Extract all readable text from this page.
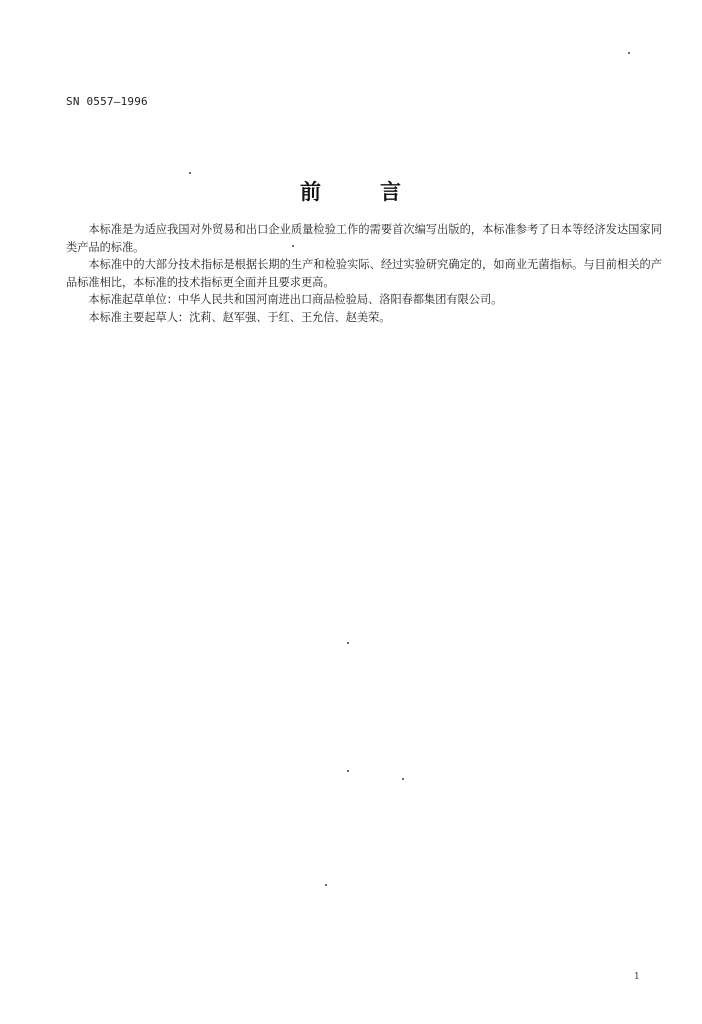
SN 0557—1996
前	言

本标准是为适应我国对外贸易和出口企业质量检验工作的需要首次编写出版的，本标准参考了日本等经济发达国家同类产品的标准。

本标准中的大部分技术指标是根据长期的生产和检验实际、经过实验研究确定的，如商业无菌指标。与目前相关的产品标准相比，本标准的技术指标更全面并且要求更高。

本标准起草单位：中华人民共和国河南进出口商品检验局、洛阳春都集团有限公司。

本标准主要起草人：沈莉、赵军强、于红、王允信、赵美荣。

1
